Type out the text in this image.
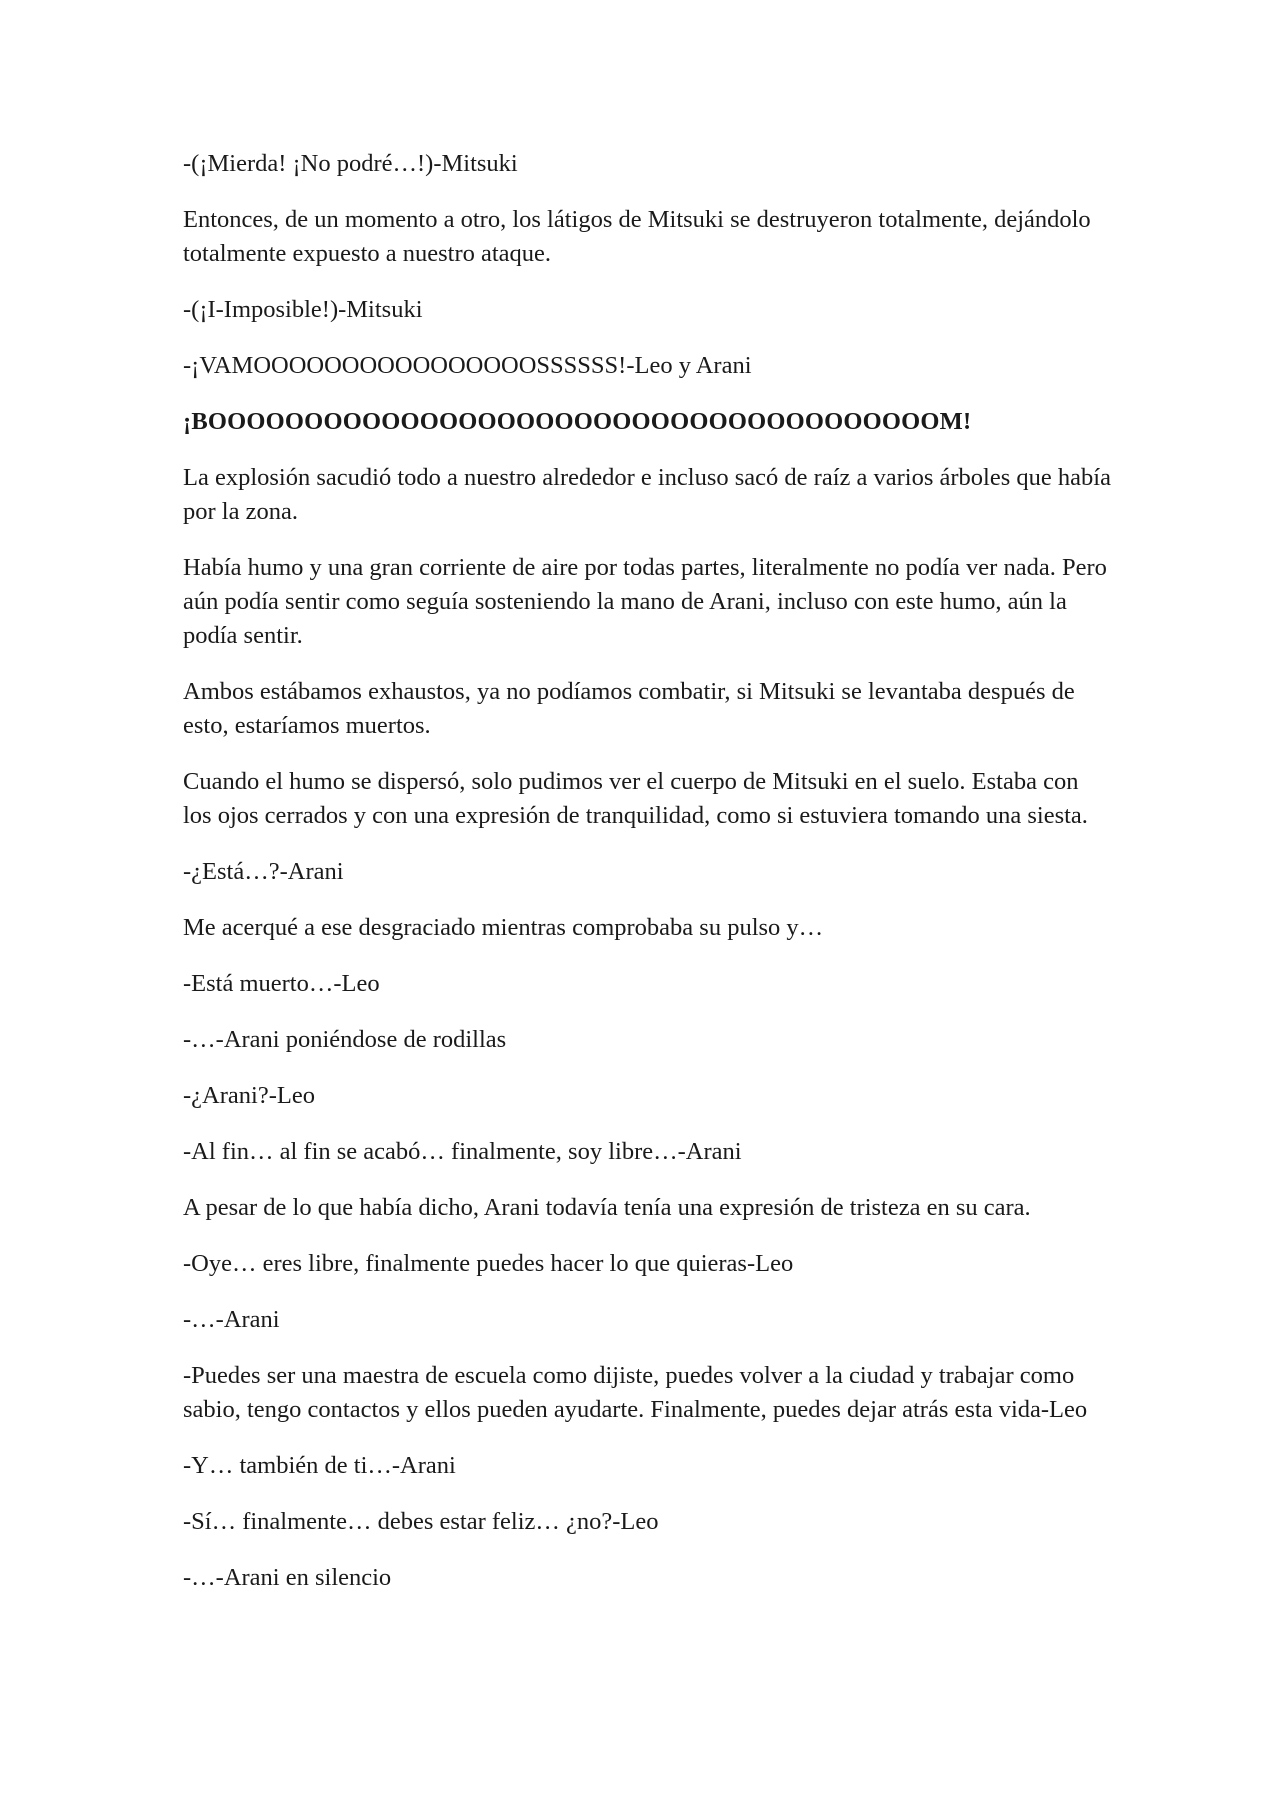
-(¡Mierda! ¡No podré…!)-Mitsuki

Entonces, de un momento a otro, los látigos de Mitsuki se destruyeron totalmente, dejándolo totalmente expuesto a nuestro ataque.

-(¡I-Imposible!)-Mitsuki

-¡VAMOOOOOOOOOOOOOOOOSSSSSS!-Leo y Arani

¡BOOOOOOOOOOOOOOOOOOOOOOOOOOOOOOOOOOOOOOM!

La explosión sacudió todo a nuestro alrededor e incluso sacó de raíz a varios árboles que había por la zona.

Había humo y una gran corriente de aire por todas partes, literalmente no podía ver nada. Pero aún podía sentir como seguía sosteniendo la mano de Arani, incluso con este humo, aún la podía sentir.

Ambos estábamos exhaustos, ya no podíamos combatir, si Mitsuki se levantaba después de esto, estaríamos muertos.

Cuando el humo se dispersó, solo pudimos ver el cuerpo de Mitsuki en el suelo. Estaba con los ojos cerrados y con una expresión de tranquilidad, como si estuviera tomando una siesta.

-¿Está…?-Arani

Me acerqué a ese desgraciado mientras comprobaba su pulso y…

-Está muerto…-Leo

-…-Arani poniéndose de rodillas

-¿Arani?-Leo

-Al fin… al fin se acabó… finalmente, soy libre…-Arani

A pesar de lo que había dicho, Arani todavía tenía una expresión de tristeza en su cara.

-Oye… eres libre, finalmente puedes hacer lo que quieras-Leo

-…-Arani

-Puedes ser una maestra de escuela como dijiste, puedes volver a la ciudad y trabajar como sabio, tengo contactos y ellos pueden ayudarte. Finalmente, puedes dejar atrás esta vida-Leo

-Y… también de ti…-Arani

-Sí… finalmente… debes estar feliz… ¿no?-Leo

-…-Arani en silencio
